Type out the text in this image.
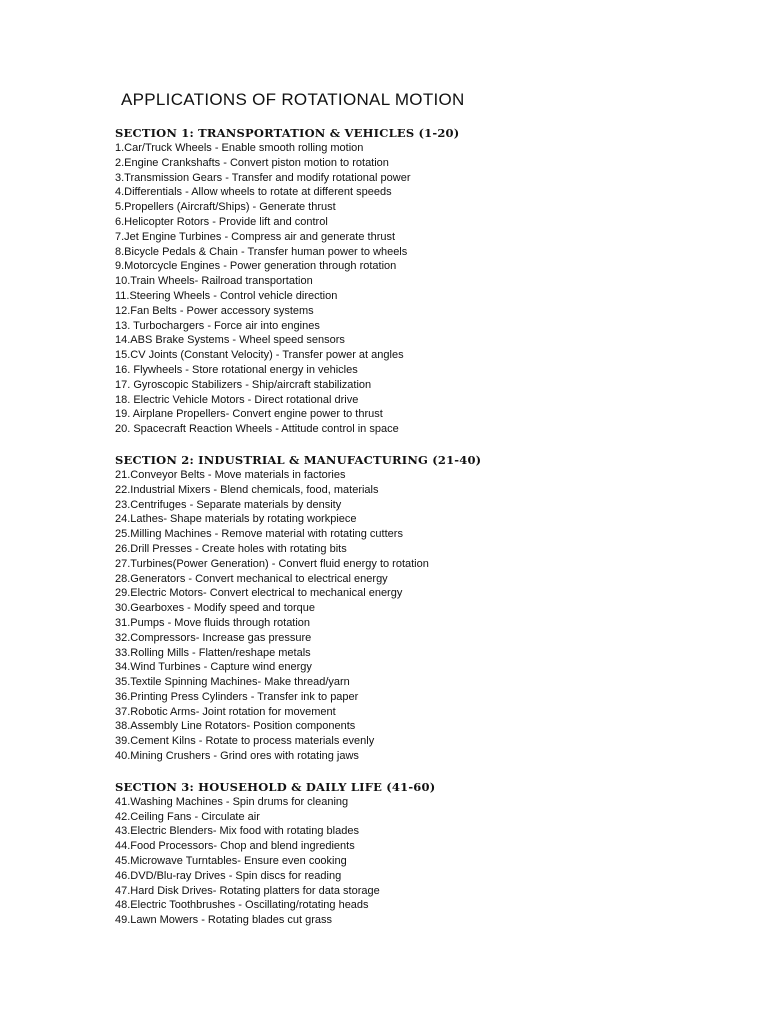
APPLICATIONS OF ROTATIONAL MOTION
SECTION 1: TRANSPORTATION & VEHICLES (1-20)
1.Car/Truck Wheels - Enable smooth rolling motion
2.Engine Crankshafts - Convert piston motion to rotation
3.Transmission Gears - Transfer and modify rotational power
4.Differentials - Allow wheels to rotate at different speeds
5.Propellers (Aircraft/Ships) - Generate thrust
6.Helicopter Rotors - Provide lift and control
7.Jet Engine Turbines - Compress air and generate thrust
8.Bicycle Pedals & Chain - Transfer human power to wheels
9.Motorcycle Engines - Power generation through rotation
10.Train Wheels- Railroad transportation
11.Steering Wheels - Control vehicle direction
12.Fan Belts - Power accessory systems
13. Turbochargers - Force air into engines
14.ABS Brake Systems - Wheel speed sensors
15.CV Joints (Constant Velocity) - Transfer power at angles
16. Flywheels - Store rotational energy in vehicles
17. Gyroscopic Stabilizers - Ship/aircraft stabilization
18. Electric Vehicle Motors - Direct rotational drive
19. Airplane Propellers- Convert engine power to thrust
20. Spacecraft Reaction Wheels - Attitude control in space
SECTION 2: INDUSTRIAL & MANUFACTURING (21-40)
21.Conveyor Belts - Move materials in factories
22.Industrial Mixers - Blend chemicals, food, materials
23.Centrifuges - Separate materials by density
24.Lathes- Shape materials by rotating workpiece
25.Milling Machines - Remove material with rotating cutters
26.Drill Presses - Create holes with rotating bits
27.Turbines(Power Generation) - Convert fluid energy to rotation
28.Generators - Convert mechanical to electrical energy
29.Electric Motors- Convert electrical to mechanical energy
30.Gearboxes - Modify speed and torque
31.Pumps - Move fluids through rotation
32.Compressors- Increase gas pressure
33.Rolling Mills - Flatten/reshape metals
34.Wind Turbines - Capture wind energy
35.Textile Spinning Machines- Make thread/yarn
36.Printing Press Cylinders - Transfer ink to paper
37.Robotic Arms- Joint rotation for movement
38.Assembly Line Rotators- Position components
39.Cement Kilns - Rotate to process materials evenly
40.Mining Crushers - Grind ores with rotating jaws
SECTION 3: HOUSEHOLD & DAILY LIFE (41-60)
41.Washing Machines - Spin drums for cleaning
42.Ceiling Fans - Circulate air
43.Electric Blenders- Mix food with rotating blades
44.Food Processors- Chop and blend ingredients
45.Microwave Turntables- Ensure even cooking
46.DVD/Blu-ray Drives - Spin discs for reading
47.Hard Disk Drives- Rotating platters for data storage
48.Electric Toothbrushes - Oscillating/rotating heads
49.Lawn Mowers - Rotating blades cut grass
